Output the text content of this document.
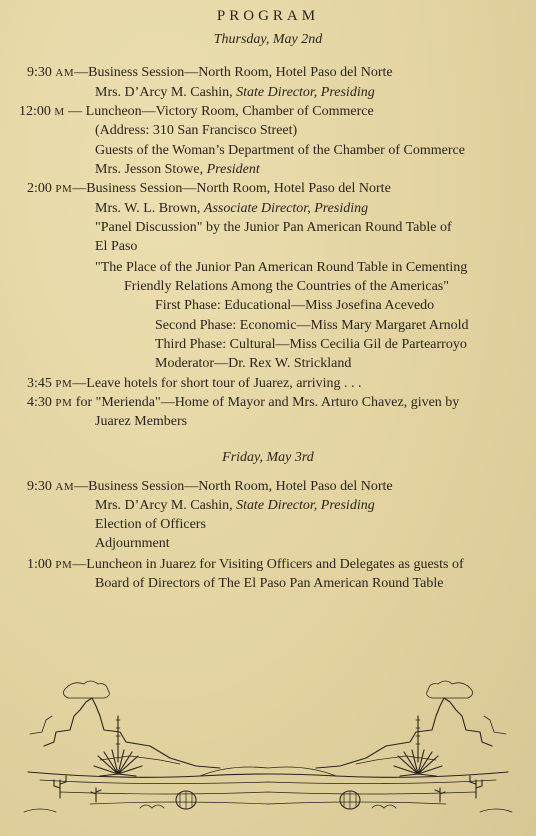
PROGRAM
Thursday, May 2nd
9:30 AM—Business Session—North Room, Hotel Paso del Norte
Mrs. D’Arcy M. Cashin, State Director, Presiding
12:00 M — Luncheon—Victory Room, Chamber of Commerce
(Address: 310 San Francisco Street)
Guests of the Woman’s Department of the Chamber of Commerce
Mrs. Jesson Stowe, President
2:00 PM—Business Session—North Room, Hotel Paso del Norte
Mrs. W. L. Brown, Associate Director, Presiding
"Panel Discussion" by the Junior Pan American Round Table of
El Paso
"The Place of the Junior Pan American Round Table in Cementing
Friendly Relations Among the Countries of the Americas"
First Phase: Educational—Miss Josefina Acevedo
Second Phase: Economic—Miss Mary Margaret Arnold
Third Phase: Cultural—Miss Cecilia Gil de Partearroyo
Moderator—Dr. Rex W. Strickland
3:45 PM—Leave hotels for short tour of Juarez, arriving . . .
4:30 PM for "Merienda"—Home of Mayor and Mrs. Arturo Chavez, given by
Juarez Members
Friday, May 3rd
9:30 AM—Business Session—North Room, Hotel Paso del Norte
Mrs. D’Arcy M. Cashin, State Director, Presiding
Election of Officers
Adjournment
1:00 PM—Luncheon in Juarez for Visiting Officers and Delegates as guests of
Board of Directors of The El Paso Pan American Round Table
